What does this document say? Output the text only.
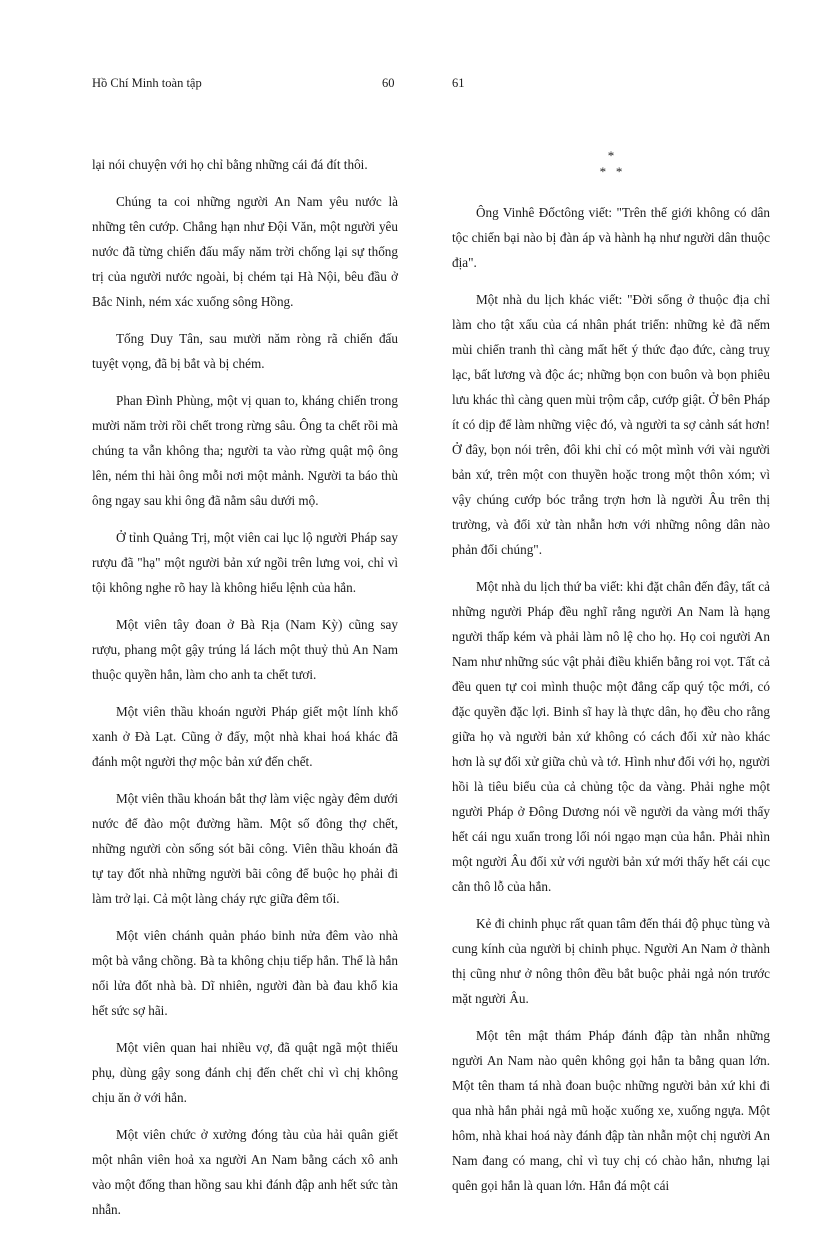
Hồ Chí Minh toàn tập	60	61

lại nói chuyện với họ chỉ bằng những cái đá đít thôi.

Chúng ta coi những người An Nam yêu nước là những tên cướp. Chẳng hạn như Đội Văn, một người yêu nước đã từng chiến đấu mấy năm trời chống lại sự thống trị của người nước ngoài, bị chém tại Hà Nội, bêu đầu ở Bắc Ninh, ném xác xuống sông Hồng.

Tống Duy Tân, sau mười năm ròng rã chiến đấu tuyệt vọng, đã bị bắt và bị chém.

Phan Đình Phùng, một vị quan to, kháng chiến trong mười năm trời rồi chết trong rừng sâu. Ông ta chết rồi mà chúng ta vẫn không tha; người ta vào rừng quật mộ ông lên, ném thi hài ông mỗi nơi một mảnh. Người ta báo thù ông ngay sau khi ông đã nằm sâu dưới mộ.

Ở tỉnh Quảng Trị, một viên cai lục lộ người Pháp say rượu đã "hạ" một người bản xứ ngồi trên lưng voi, chỉ vì tội không nghe rõ hay là không hiểu lệnh của hắn.

Một viên tây đoan ở Bà Rịa (Nam Kỳ) cũng say rượu, phang một gậy trúng lá lách một thuỷ thủ An Nam thuộc quyền hắn, làm cho anh ta chết tươi.

Một viên thầu khoán người Pháp giết một lính khố xanh ở Đà Lạt. Cũng ở đấy, một nhà khai hoá khác đã đánh một người thợ mộc bản xứ đến chết.

Một viên thầu khoán bắt thợ làm việc ngày đêm dưới nước để đào một đường hầm. Một số đông thợ chết, những người còn sống sót bãi công. Viên thầu khoán đã tự tay đốt nhà những người bãi công để buộc họ phải đi làm trở lại. Cả một làng cháy rực giữa đêm tối.

Một viên chánh quản pháo binh nửa đêm vào nhà một bà vắng chồng. Bà ta không chịu tiếp hắn. Thế là hắn nổi lửa đốt nhà bà. Dĩ nhiên, người đàn bà đau khổ kia hết sức sợ hãi.

Một viên quan hai nhiều vợ, đã quật ngã một thiếu phụ, dùng gậy song đánh chị đến chết chỉ vì chị không chịu ăn ở với hắn.

Một viên chức ở xưởng đóng tàu của hải quân giết một nhân viên hoả xa người An Nam bằng cách xô anh vào một đống than hồng sau khi đánh đập anh hết sức tàn nhẫn.

*
*   *

Ông Vinhê Đốctông viết: "Trên thế giới không có dân tộc chiến bại nào bị đàn áp và hành hạ như người dân thuộc địa".

Một nhà du lịch khác viết: "Đời sống ở thuộc địa chỉ làm cho tật xấu của cá nhân phát triển: những kẻ đã nếm mùi chiến tranh thì càng mất hết ý thức đạo đức, càng truỵ lạc, bất lương và độc ác; những bọn con buôn và bọn phiêu lưu khác thì càng quen mùi trộm cắp, cướp giật. Ở bên Pháp ít có dịp để làm những việc đó, và người ta sợ cảnh sát hơn! Ở đây, bọn nói trên, đôi khi chỉ có một mình với vài người bản xứ, trên một con thuyền hoặc trong một thôn xóm; vì vậy chúng cướp bóc trắng trợn hơn là người Âu trên thị trường, và đối xử tàn nhẫn hơn với những nông dân nào phản đối chúng".

Một nhà du lịch thứ ba viết: khi đặt chân đến đây, tất cả những người Pháp đều nghĩ rằng người An Nam là hạng người thấp kém và phải làm nô lệ cho họ. Họ coi người An Nam như những súc vật phải điều khiển bằng roi vọt. Tất cả đều quen tự coi mình thuộc một đẳng cấp quý tộc mới, có đặc quyền đặc lợi. Binh sĩ hay là thực dân, họ đều cho rằng giữa họ và người bản xứ không có cách đối xử nào khác hơn là sự đối xử giữa chủ và tớ. Hình như đối với họ, người hồi là tiêu biểu của cả chủng tộc da vàng. Phải nghe một người Pháp ở Đông Dương nói về người da vàng mới thấy hết cái ngu xuẩn trong lối nói ngạo mạn của hắn. Phải nhìn một người Âu đối xử với người bản xứ mới thấy hết cái cục cằn thô lỗ của hắn.

Kẻ đi chinh phục rất quan tâm đến thái độ phục tùng và cung kính của người bị chinh phục. Người An Nam ở thành thị cũng như ở nông thôn đều bắt buộc phải ngả nón trước mặt người Âu.

Một tên mật thám Pháp đánh đập tàn nhẫn những người An Nam nào quên không gọi hắn ta bằng quan lớn. Một tên tham tá nhà đoan buộc những người bản xứ khi đi qua nhà hắn phải ngả mũ hoặc xuống xe, xuống ngựa. Một hôm, nhà khai hoá này đánh đập tàn nhẫn một chị người An Nam đang có mang, chỉ vì tuy chị có chào hắn, nhưng lại quên gọi hắn là quan lớn. Hắn đá một cái
